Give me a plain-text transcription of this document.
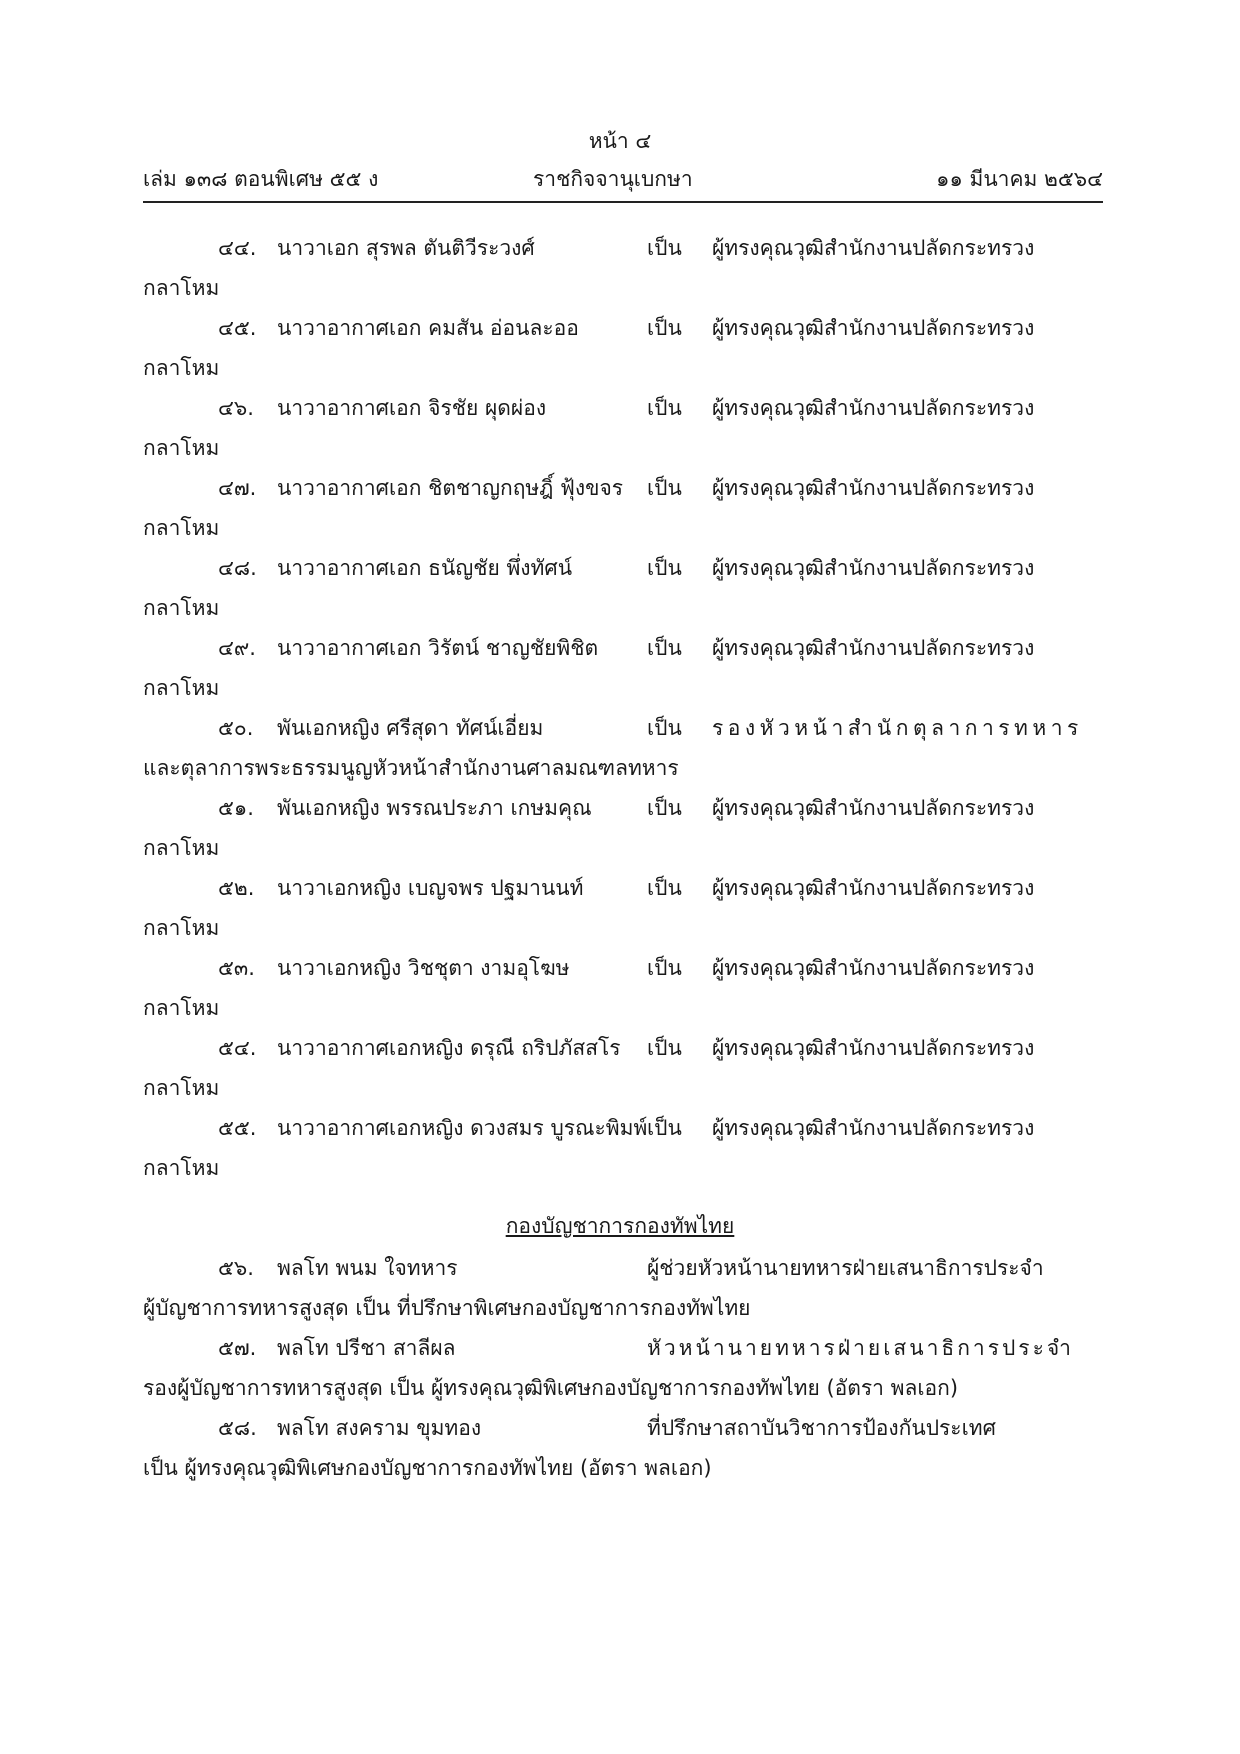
หน้า ๔
เล่ม ๑๓๘ ตอนพิเศษ ๕๕ ง	ราชกิจจานุเบกษา	๑๑ มีนาคม ๒๕๖๔
๔๔. นาวาเอก สุรพล ตันติวีระวงศ์	เป็น ผู้ทรงคุณวุฒิสำนักงานปลัดกระทรวง
กลาโหม
๔๕. นาวาอากาศเอก คมสัน อ่อนละออ	เป็น ผู้ทรงคุณวุฒิสำนักงานปลัดกระทรวง
กลาโหม
๔๖. นาวาอากาศเอก จิรชัย ผุดผ่อง	เป็น ผู้ทรงคุณวุฒิสำนักงานปลัดกระทรวง
กลาโหม
๔๗. นาวาอากาศเอก ชิตชาญกฤษฎิ์ ฟุ้งขจร เป็น ผู้ทรงคุณวุฒิสำนักงานปลัดกระทรวง
กลาโหม
๔๘. นาวาอากาศเอก ธนัญชัย พึ่งทัศน์	เป็น ผู้ทรงคุณวุฒิสำนักงานปลัดกระทรวง
กลาโหม
๔๙. นาวาอากาศเอก วิรัตน์ ชาญชัยพิชิต เป็น ผู้ทรงคุณวุฒิสำนักงานปลัดกระทรวง
กลาโหม
๕๐. พันเอกหญิง ศรีสุดา ทัศน์เอี่ยม	เป็น รองหัวหน้าสำนักตุลาการทหาร
และตุลาการพระธรรมนูญหัวหน้าสำนักงานศาลมณฑลทหาร
๕๑. พันเอกหญิง พรรณประภา เกษมคุณ	เป็น ผู้ทรงคุณวุฒิสำนักงานปลัดกระทรวง
กลาโหม
๕๒. นาวาเอกหญิง เบญจพร ปฐมานนท์	เป็น ผู้ทรงคุณวุฒิสำนักงานปลัดกระทรวง
กลาโหม
๕๓. นาวาเอกหญิง วิชชุตา งามอุโฆษ	เป็น ผู้ทรงคุณวุฒิสำนักงานปลัดกระทรวง
กลาโหม
๕๔. นาวาอากาศเอกหญิง ดรุณี ถริปภัสสโร เป็น ผู้ทรงคุณวุฒิสำนักงานปลัดกระทรวง
กลาโหม
๕๕. นาวาอากาศเอกหญิง ดวงสมร บูรณะพิมพ์ เป็น ผู้ทรงคุณวุฒิสำนักงานปลัดกระทรวง
กลาโหม
กองบัญชาการกองทัพไทย
๕๖. พลโท พนม ใจทหาร	ผู้ช่วยหัวหน้านายทหารฝ่ายเสนาธิการประจำ
ผู้บัญชาการทหารสูงสุด เป็น ที่ปรึกษาพิเศษกองบัญชาการกองทัพไทย
๕๗. พลโท ปรีชา สาลีผล	หัวหน้านายทหารฝ่ายเสนาธิการประจำ
รองผู้บัญชาการทหารสูงสุด เป็น ผู้ทรงคุณวุฒิพิเศษกองบัญชาการกองทัพไทย (อัตรา พลเอก)
๕๘. พลโท สงคราม ขุมทอง	ที่ปรึกษาสถาบันวิชาการป้องกันประเทศ
เป็น ผู้ทรงคุณวุฒิพิเศษกองบัญชาการกองทัพไทย (อัตรา พลเอก)
